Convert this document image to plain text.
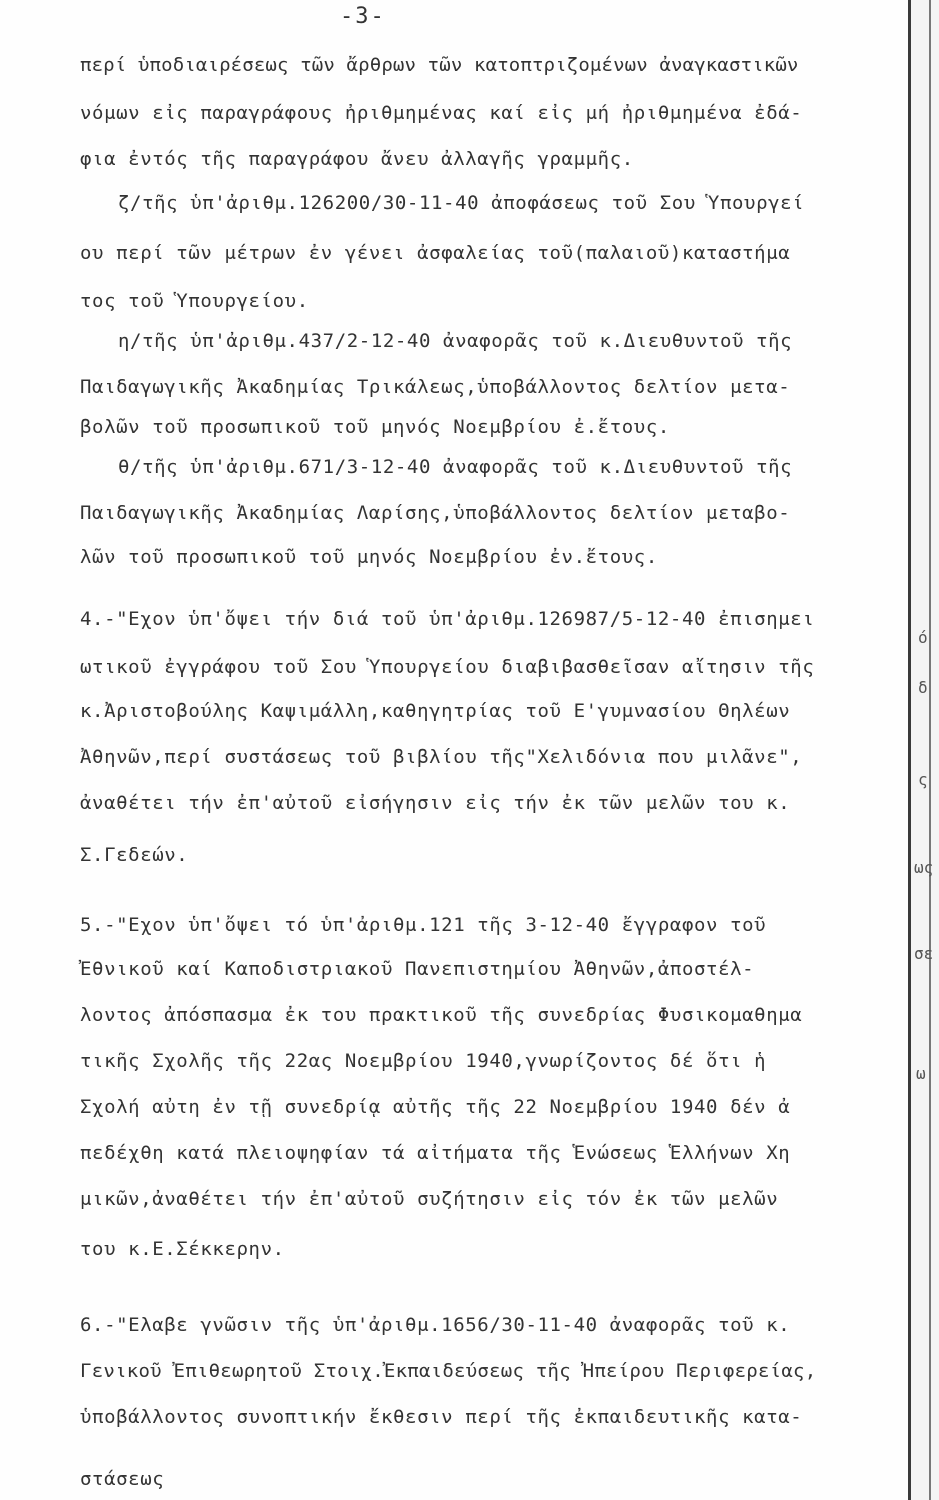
-3-
περί ὑποδιαιρέσεως τῶν ἄρθρων τῶν κατοπτριζομένων ἀναγκαστικῶν
νόμων εἰς παραγράφους ἠριθμημένας καί εἰς μή ἠριθμημένα ἐδά-
φια ἐντός τῆς παραγράφου ἄνευ ἀλλαγῆς γραμμῆς.
ζ/τῆς ὑπ'ἀριθμ.126200/30-11-40 ἀποφάσεως τοῦ Σου Ὑπουργεί
ου περί τῶν μέτρων ἐν γένει ἀσφαλείας τοῦ(παλαιοῦ)καταστήμα
τος τοῦ Ὑπουργείου.
η/τῆς ὑπ'ἀριθμ.437/2-12-40 ἀναφορᾶς τοῦ κ.Διευθυντοῦ τῆς
Παιδαγωγικῆς Ἀκαδημίας Τρικάλεως,ὑποβάλλοντος δελτίον μετα-
βολῶν τοῦ προσωπικοῦ τοῦ μηνός Νοεμβρίου ἐ.ἔτους.
θ/τῆς ὑπ'ἀριθμ.671/3-12-40 ἀναφορᾶς τοῦ κ.Διευθυντοῦ τῆς
Παιδαγωγικῆς Ἀκαδημίας Λαρίσης,ὑποβάλλοντος δελτίον μεταβο-
λῶν τοῦ προσωπικοῦ τοῦ μηνός Νοεμβρίου ἐν.ἔτους.
4.-"Εχον ὑπ'ὄψει τήν διά τοῦ ὑπ'ἀριθμ.126987/5-12-40 ἐπισημει
ωτικοῦ ἐγγράφου τοῦ Σου Ὑπουργείου διαβιβασθεῖσαν αἴτησιν τῆς
κ.Ἀριστοβούλης Καψιμάλλη,καθηγητρίας τοῦ Ε'γυμνασίου Θηλέων
Ἀθηνῶν,περί συστάσεως τοῦ βιβλίου τῆς"Χελιδόνια που μιλᾶνε",
ἀναθέτει τήν ἐπ'αὐτοῦ εἰσήγησιν εἰς τήν ἐκ τῶν μελῶν του κ.
Σ.Γεδεών.
5.-"Εχον ὑπ'ὄψει τό ὑπ'ἀριθμ.121 τῆς 3-12-40 ἔγγραφον τοῦ
Ἐθνικοῦ καί Καποδιστριακοῦ Πανεπιστημίου Ἀθηνῶν,ἀποστέλ-
λοντος ἀπόσπασμα ἐκ του πρακτικοῦ τῆς συνεδρίας Φυσικομαθημα
τικῆς Σχολῆς τῆς 22ας Νοεμβρίου 1940,γνωρίζοντος δέ ὅτι ἡ
Σχολή αὐτη ἐν τῇ συνεδρίᾳ αὐτῆς τῆς 22 Νοεμβρίου 1940 δέν ἀ
πεδέχθη κατά πλειοψηφίαν τά αἰτήματα τῆς Ἑνώσεως Ἑλλήνων Χη
μικῶν,ἀναθέτει τήν ἐπ'αὐτοῦ συζήτησιν εἰς τόν ἐκ τῶν μελῶν
του κ.Ε.Σέκκερην.
6.-"Ελαβε γνῶσιν τῆς ὑπ'ἀριθμ.1656/30-11-40 ἀναφορᾶς τοῦ κ.
Γενικοῦ Ἐπιθεωρητοῦ Στοιχ.Ἐκπαιδεύσεως τῆς Ἠπείρου Περιφερείας,
ὑποβάλλοντος συνοπτικήν ἔκθεσιν περί τῆς ἐκπαιδευτικῆς κατα-
στάσεως
ό
δ
ς
ως
σε
ω
